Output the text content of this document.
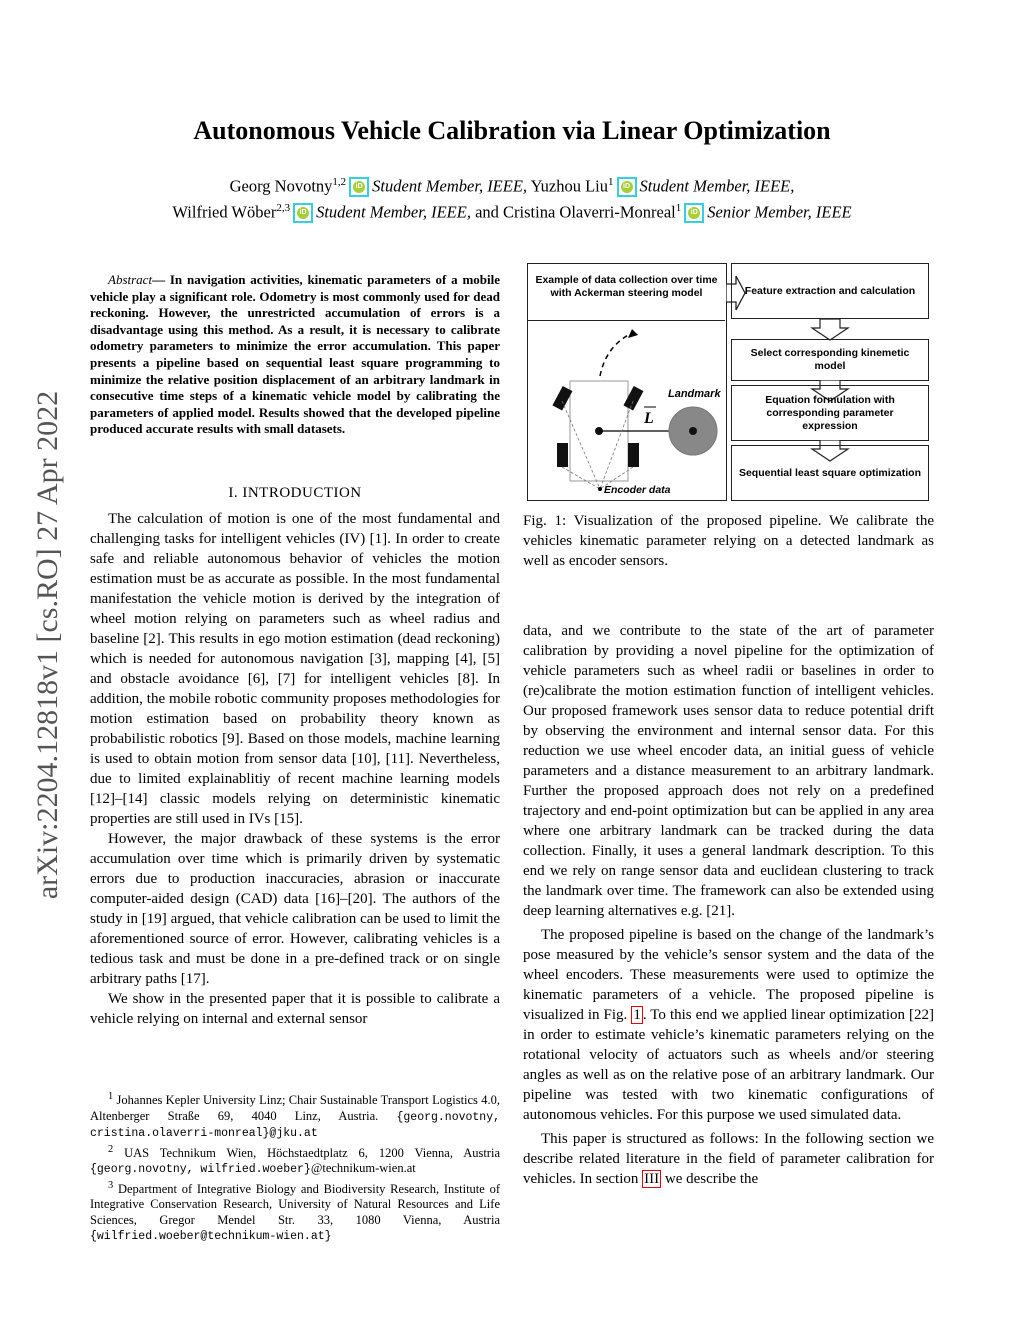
arXiv:2204.12818v1 [cs.RO] 27 Apr 2022
Autonomous Vehicle Calibration via Linear Optimization
Georg Novotny$^{1,2}$ iD Student Member, IEEE, Yuzhou Liu$^1$ iD Student Member, IEEE,
Wilfried Wöber$^{2,3}$ iD Student Member, IEEE, and Cristina Olaverri-Monreal$^1$ iD Senior Member, IEEE

Abstract— In navigation activities, kinematic parameters of a mobile vehicle play a significant role. Odometry is most commonly used for dead reckoning. However, the unrestricted accumulation of errors is a disadvantage using this method. As a result, it is necessary to calibrate odometry parameters to minimize the error accumulation. This paper presents a pipeline based on sequential least square programming to minimize the relative position displacement of an arbitrary landmark in consecutive time steps of a kinematic vehicle model by calibrating the parameters of applied model. Results showed that the developed pipeline produced accurate results with small datasets.

I. INTRODUCTION

The calculation of motion is one of the most fundamental and challenging tasks for intelligent vehicles (IV) [1]. In order to create safe and reliable autonomous behavior of vehicles the motion estimation must be as accurate as possible. In the most fundamental manifestation the vehicle motion is derived by the integration of wheel motion relying on parameters such as wheel radius and baseline [2]. This results in ego motion estimation (dead reckoning) which is needed for autonomous navigation [3], mapping [4], [5] and obstacle avoidance [6], [7] for intelligent vehicles [8]. In addition, the mobile robotic community proposes methodologies for motion estimation based on probability theory known as probabilistic robotics [9]. Based on those models, machine learning is used to obtain motion from sensor data [10], [11]. Nevertheless, due to limited explainablitiy of recent machine learning models [12]–[14] classic models relying on deterministic kinematic properties are still used in IVs [15].

However, the major drawback of these systems is the error accumulation over time which is primarily driven by systematic errors due to production inaccuracies, abrasion or inaccurate computer-aided design (CAD) data [16]–[20]. The authors of the study in [19] argued, that vehicle calibration can be used to limit the aforementioned source of error. However, calibrating vehicles is a tedious task and must be done in a pre-defined track or on single arbitrary paths [17].

We show in the presented paper that it is possible to calibrate a vehicle relying on internal and external sensor

$^1$ Johannes Kepler University Linz; Chair Sustainable Transport Logistics 4.0, Altenberger Straße 69, 4040 Linz, Austria. {georg.novotny, cristina.olaverri-monreal}@jku.at

$^2$ UAS Technikum Wien, Höchstaedtplatz 6, 1200 Vienna, Austria {georg.novotny, wilfried.woeber}@technikum-wien.at

$^3$ Department of Integrative Biology and Biodiversity Research, Institute of Integrative Conservation Research, University of Natural Resources and Life Sciences, Gregor Mendel Str. 33, 1080 Vienna, Austria {wilfried.woeber@technikum-wien.at}

Example of data collection over time with Ackerman steering model
Landmark
L
Encoder data
Feature extraction and calculation
Select corresponding kinemetic model
Equation formulation with corresponding parameter expression
Sequential least square optimization

Fig. 1: Visualization of the proposed pipeline. We calibrate the vehicles kinematic parameter relying on a detected landmark as well as encoder sensors.

data, and we contribute to the state of the art of parameter calibration by providing a novel pipeline for the optimization of vehicle parameters such as wheel radii or baselines in order to (re)calibrate the motion estimation function of intelligent vehicles. Our proposed framework uses sensor data to reduce potential drift by observing the environment and internal sensor data. For this reduction we use wheel encoder data, an initial guess of vehicle parameters and a distance measurement to an arbitrary landmark. Further the proposed approach does not rely on a predefined trajectory and end-point optimization but can be applied in any area where one arbitrary landmark can be tracked during the data collection. Finally, it uses a general landmark description. To this end we rely on range sensor data and euclidean clustering to track the landmark over time. The framework can also be extended using deep learning alternatives e.g. [21].

The proposed pipeline is based on the change of the landmark’s pose measured by the vehicle’s sensor system and the data of the wheel encoders. These measurements were used to optimize the kinematic parameters of a vehicle. The proposed pipeline is visualized in Fig. 1 . To this end we applied linear optimization [22] in order to estimate vehicle’s kinematic parameters relying on the rotational velocity of actuators such as wheels and/or steering angles as well as on the relative pose of an arbitrary landmark. Our pipeline was tested with two kinematic configurations of autonomous vehicles. For this purpose we used simulated data.

This paper is structured as follows: In the following section we describe related literature in the field of parameter calibration for vehicles. In section III we describe the
